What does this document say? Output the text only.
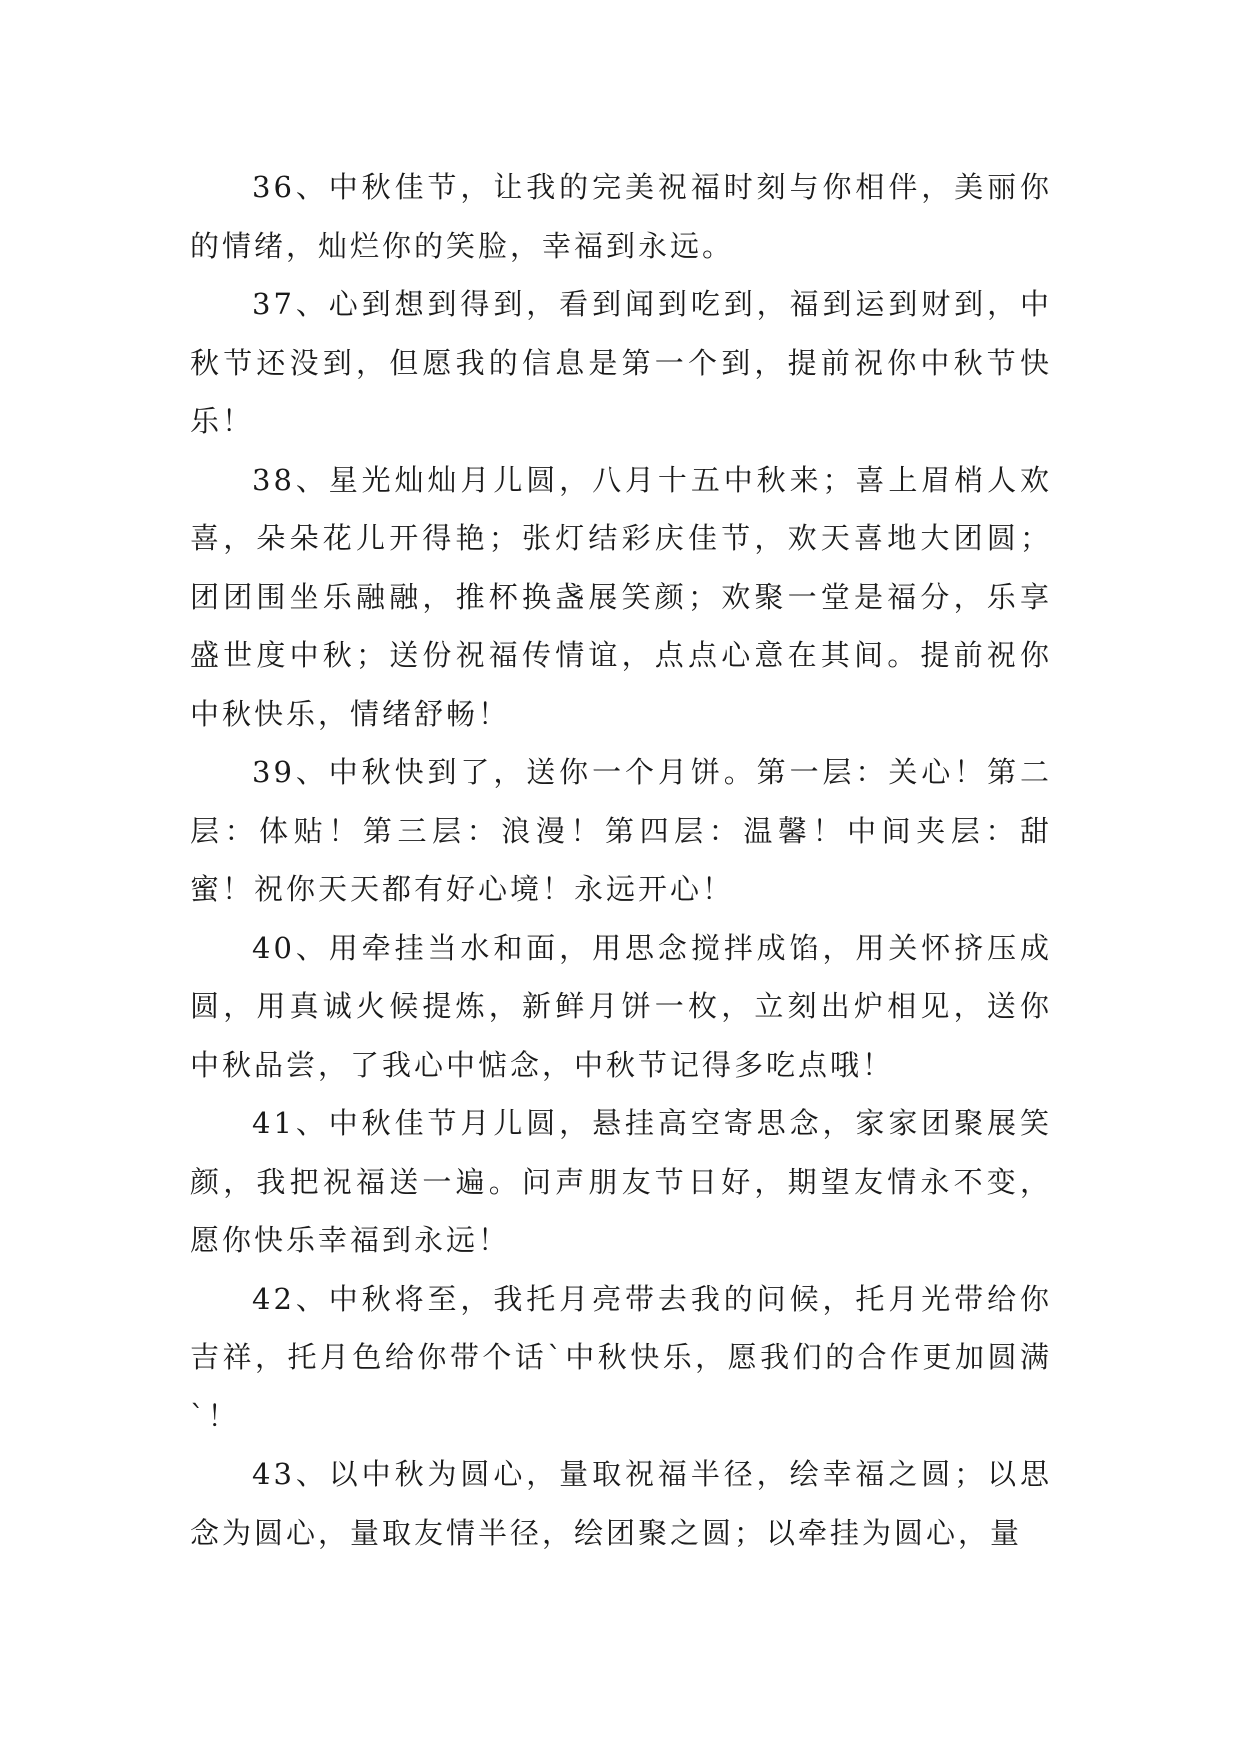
36、中秋佳节，让我的完美祝福时刻与你相伴，美丽你的情绪，灿烂你的笑脸，幸福到永远。

37、心到想到得到，看到闻到吃到，福到运到财到，中秋节还没到，但愿我的信息是第一个到，提前祝你中秋节快乐！

38、星光灿灿月儿圆，八月十五中秋来；喜上眉梢人欢喜，朵朵花儿开得艳；张灯结彩庆佳节，欢天喜地大团圆；团团围坐乐融融，推杯换盏展笑颜；欢聚一堂是福分，乐享盛世度中秋；送份祝福传情谊，点点心意在其间。提前祝你中秋快乐，情绪舒畅！

39、中秋快到了，送你一个月饼。第一层：关心！第二层：体贴！第三层：浪漫！第四层：温馨！中间夹层：甜蜜！祝你天天都有好心境！永远开心！

40、用牵挂当水和面，用思念搅拌成馅，用关怀挤压成圆，用真诚火候提炼，新鲜月饼一枚，立刻出炉相见，送你中秋品尝，了我心中惦念，中秋节记得多吃点哦！

41、中秋佳节月儿圆，悬挂高空寄思念，家家团聚展笑颜，我把祝福送一遍。问声朋友节日好，期望友情永不变，愿你快乐幸福到永远！

42、中秋将至，我托月亮带去我的问候，托月光带给你吉祥，托月色给你带个话`中秋快乐，愿我们的合作更加圆满`！

43、以中秋为圆心，量取祝福半径，绘幸福之圆；以思念为圆心，量取友情半径，绘团聚之圆；以牵挂为圆心，量
